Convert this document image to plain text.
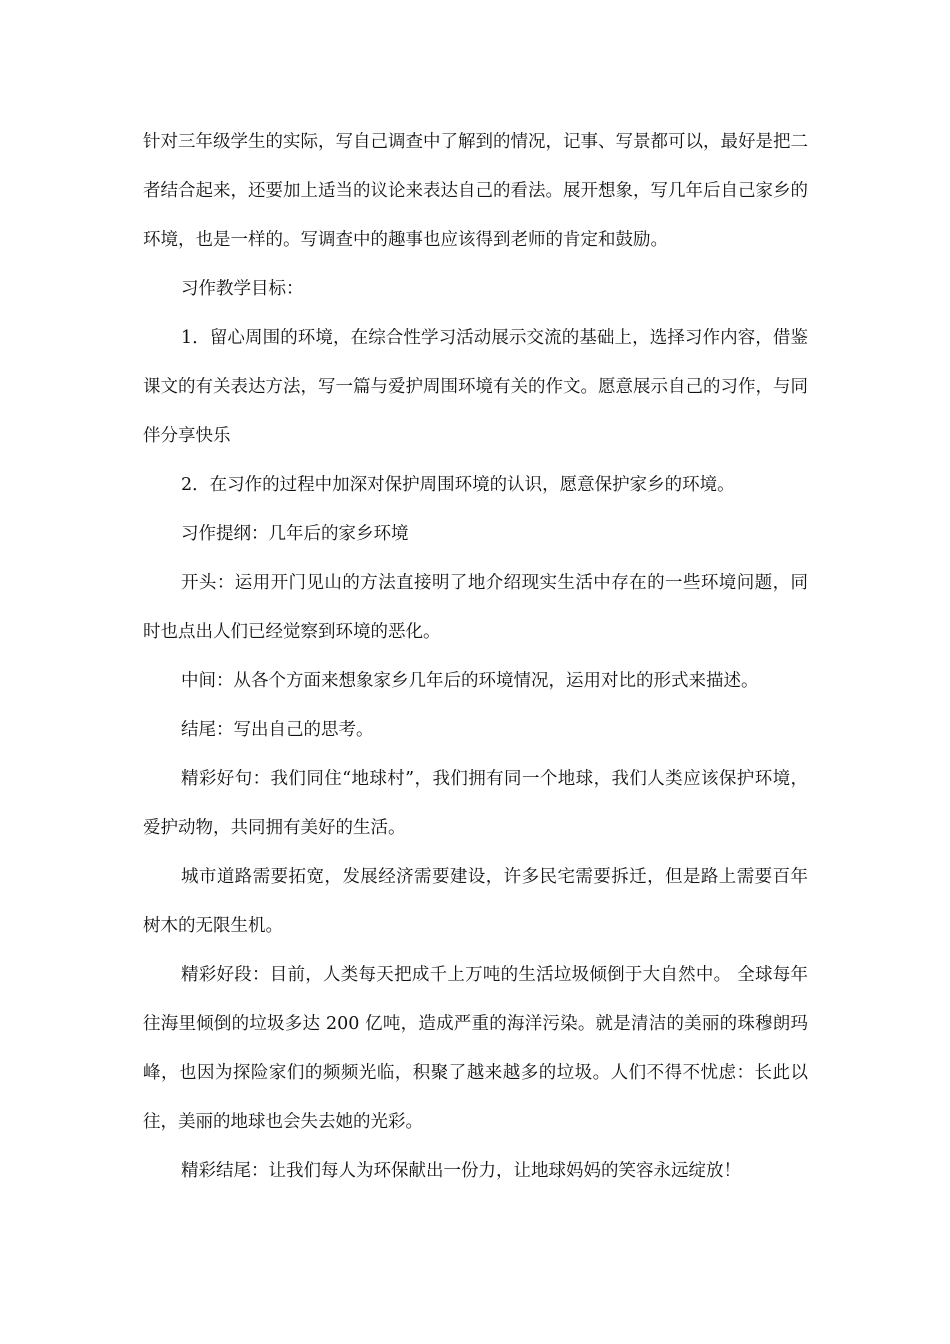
针对三年级学生的实际，写自己调查中了解到的情况，记事、写景都可以，最好是把二者结合起来，还要加上适当的议论来表达自己的看法。展开想象，写几年后自己家乡的环境，也是一样的。写调查中的趣事也应该得到老师的肯定和鼓励。

习作教学目标：

1．留心周围的环境，在综合性学习活动展示交流的基础上，选择习作内容，借鉴课文的有关表达方法，写一篇与爱护周围环境有关的作文。愿意展示自己的习作，与同伴分享快乐

2．在习作的过程中加深对保护周围环境的认识，愿意保护家乡的环境。

习作提纲：几年后的家乡环境

开头：运用开门见山的方法直接明了地介绍现实生活中存在的一些环境问题，同时也点出人们已经觉察到环境的恶化。

中间：从各个方面来想象家乡几年后的环境情况，运用对比的形式来描述。

结尾：写出自己的思考。

精彩好句：我们同住“地球村”，我们拥有同一个地球，我们人类应该保护环境，爱护动物，共同拥有美好的生活。

城市道路需要拓宽，发展经济需要建设，许多民宅需要拆迁，但是路上需要百年树木的无限生机。

精彩好段：目前，人类每天把成千上万吨的生活垃圾倾倒于大自然中。 全球每年往海里倾倒的垃圾多达 200 亿吨，造成严重的海洋污染。就是清洁的美丽的珠穆朗玛峰，也因为探险家们的频频光临，积聚了越来越多的垃圾。人们不得不忧虑：长此以往，美丽的地球也会失去她的光彩。

精彩结尾：让我们每人为环保献出一份力，让地球妈妈的笑容永远绽放！
